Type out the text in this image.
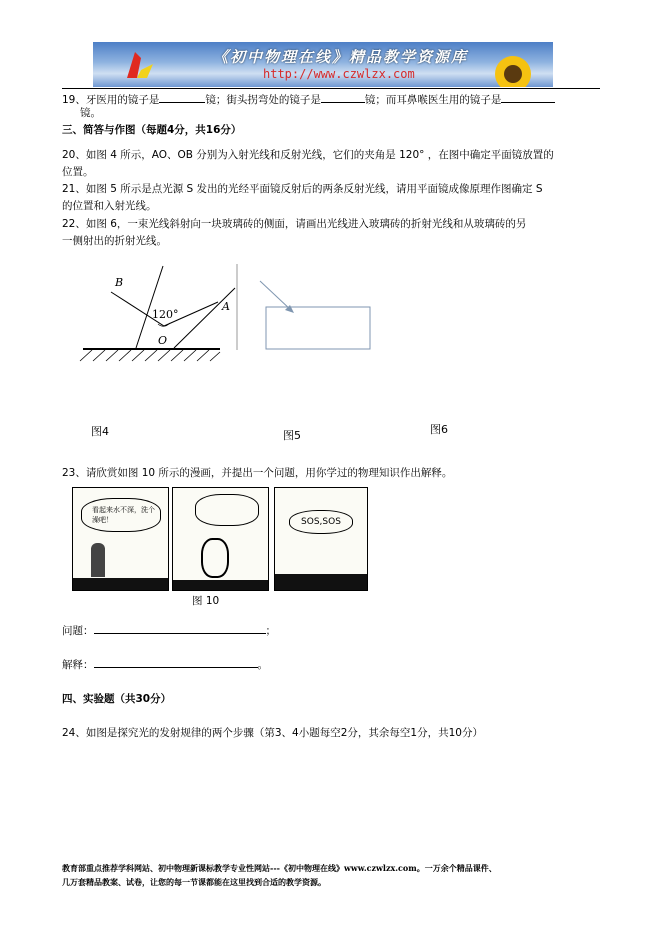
《初中物理在线》精品教学资源库
http://www.czwlzx.com
19、牙医用的镜子是	镜；街头拐弯处的镜子是	镜；而耳鼻喉医生用的镜子是
镜。
三、简答与作图（每题4分，共16分）
20、如图 4 所示，AO、OB 分别为入射光线和反射光线，它们的夹角是 120° ，在图中确定平面镜放置的
位置。
21、如图 5 所示是点光源 S 发出的光经平面镜反射后的两条反射光线，请用平面镜成像原理作图确定 S
的位置和入射光线。
22、如图 6，一束光线斜射向一块玻璃砖的侧面，请画出光线进入玻璃砖的折射光线和从玻璃砖的另
一侧射出的折射光线。
B
A
O
120°
图4	图5	图6
23、请欣赏如图 10 所示的漫画，并提出一个问题，用你学过的物理知识作出解释。
看起来水不深，洗个澡吧！	SOS,SOS
图 10
问题：	；
解释：	。
四、实验题（共30分）
24、如图是探究光的发射规律的两个步骤（第3、4小题每空2分，其余每空1分，共10分）
教育部重点推荐学科网站、初中物理新课标教学专业性网站---《初中物理在线》www.czwlzx.com。一万余个精品课件、
几万套精品教案、试卷，让您的每一节课都能在这里找到合适的教学资源。
